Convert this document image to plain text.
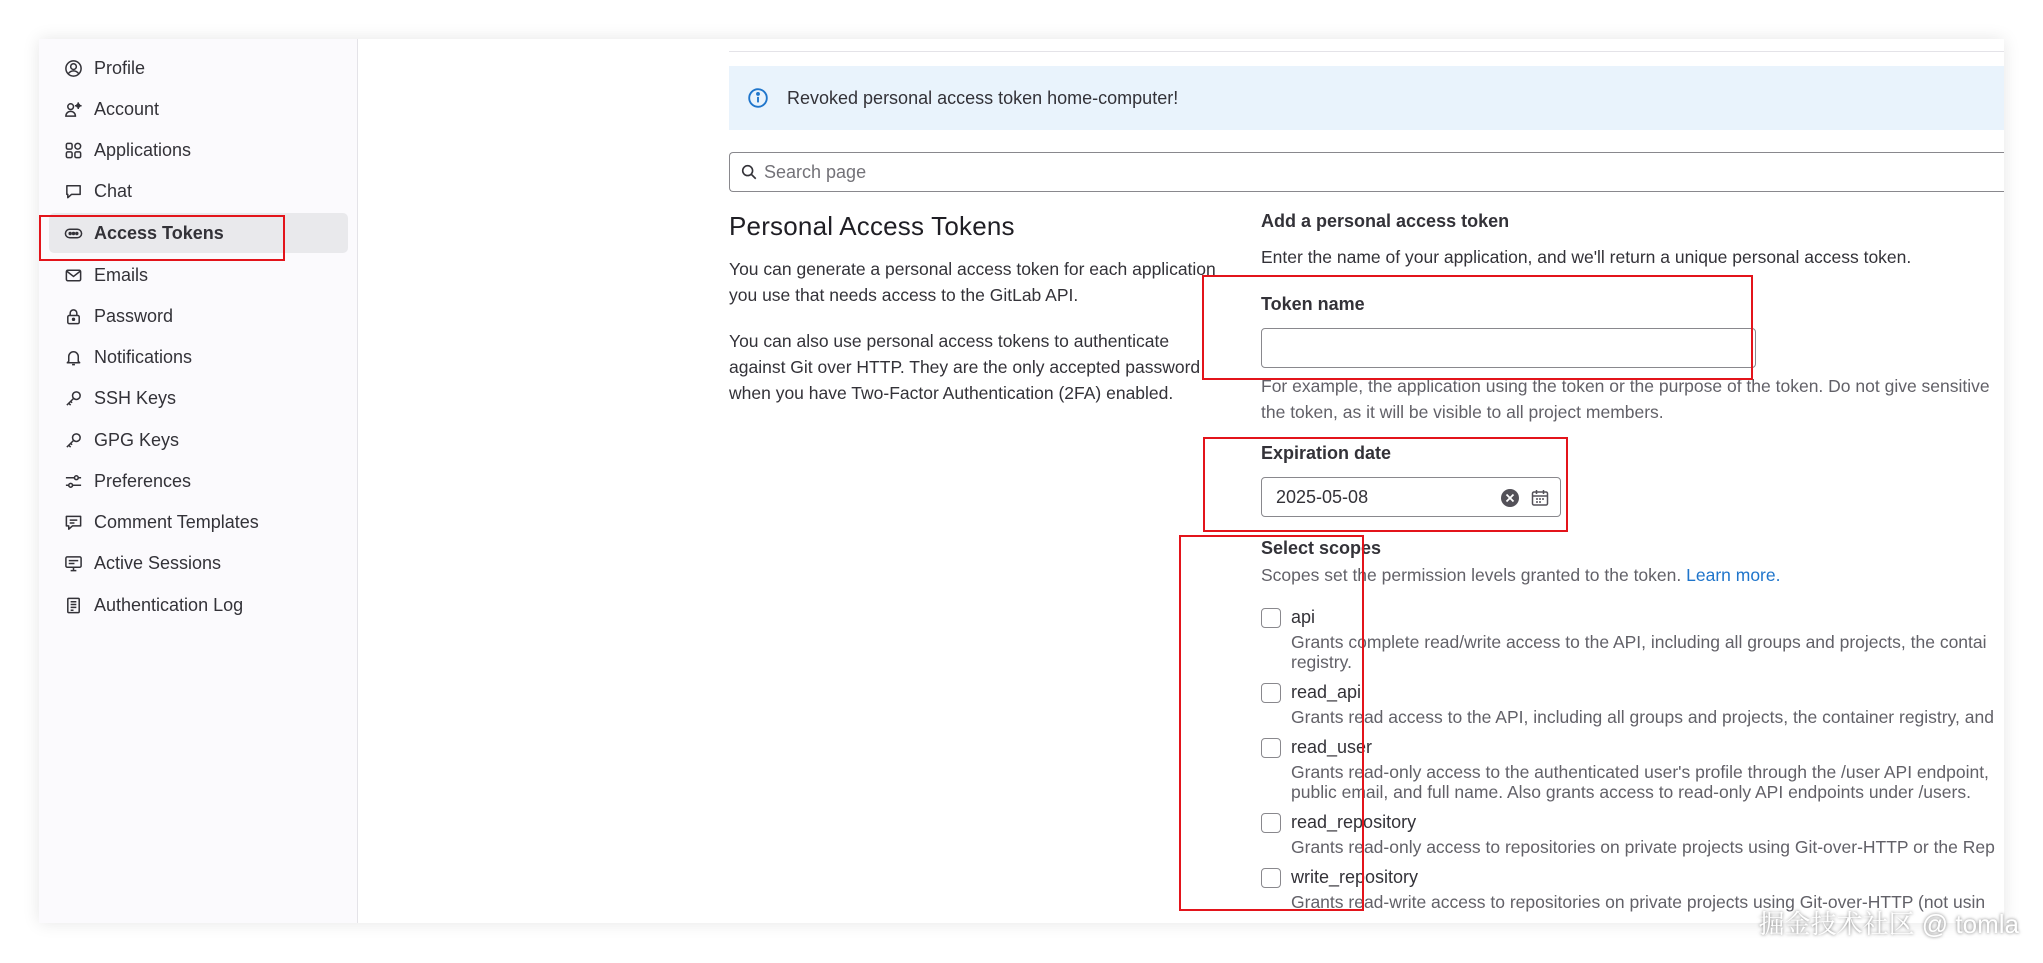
Profile
Account
Applications
Chat
Access Tokens
Emails
Password
Notifications
SSH Keys
GPG Keys
Preferences
Comment Templates
Active Sessions
Authentication Log
Revoked personal access token home-computer!
Search page
Personal Access Tokens

You can generate a personal access token for each application you use that needs access to the GitLab API.

You can also use personal access tokens to authenticate against Git over HTTP. They are the only accepted password when you have Two-Factor Authentication (2FA) enabled.

Add a personal access token
Enter the name of your application, and we'll return a unique personal access token.
Token name
For example, the application using the token or the purpose of the token. Do not give sensitive
the token, as it will be visible to all project members.
Expiration date
2025-05-08
Select scopes
Scopes set the permission levels granted to the token. Learn more.
api
Grants complete read/write access to the API, including all groups and projects, the contai
registry.
read_api
Grants read access to the API, including all groups and projects, the container registry, and
read_user
Grants read-only access to the authenticated user's profile through the /user API endpoint,
public email, and full name. Also grants access to read-only API endpoints under /users.
read_repository
Grants read-only access to repositories on private projects using Git-over-HTTP or the Rep
write_repository
Grants read-write access to repositories on private projects using Git-over-HTTP (not usin
掘金技术社区 @ tomla
